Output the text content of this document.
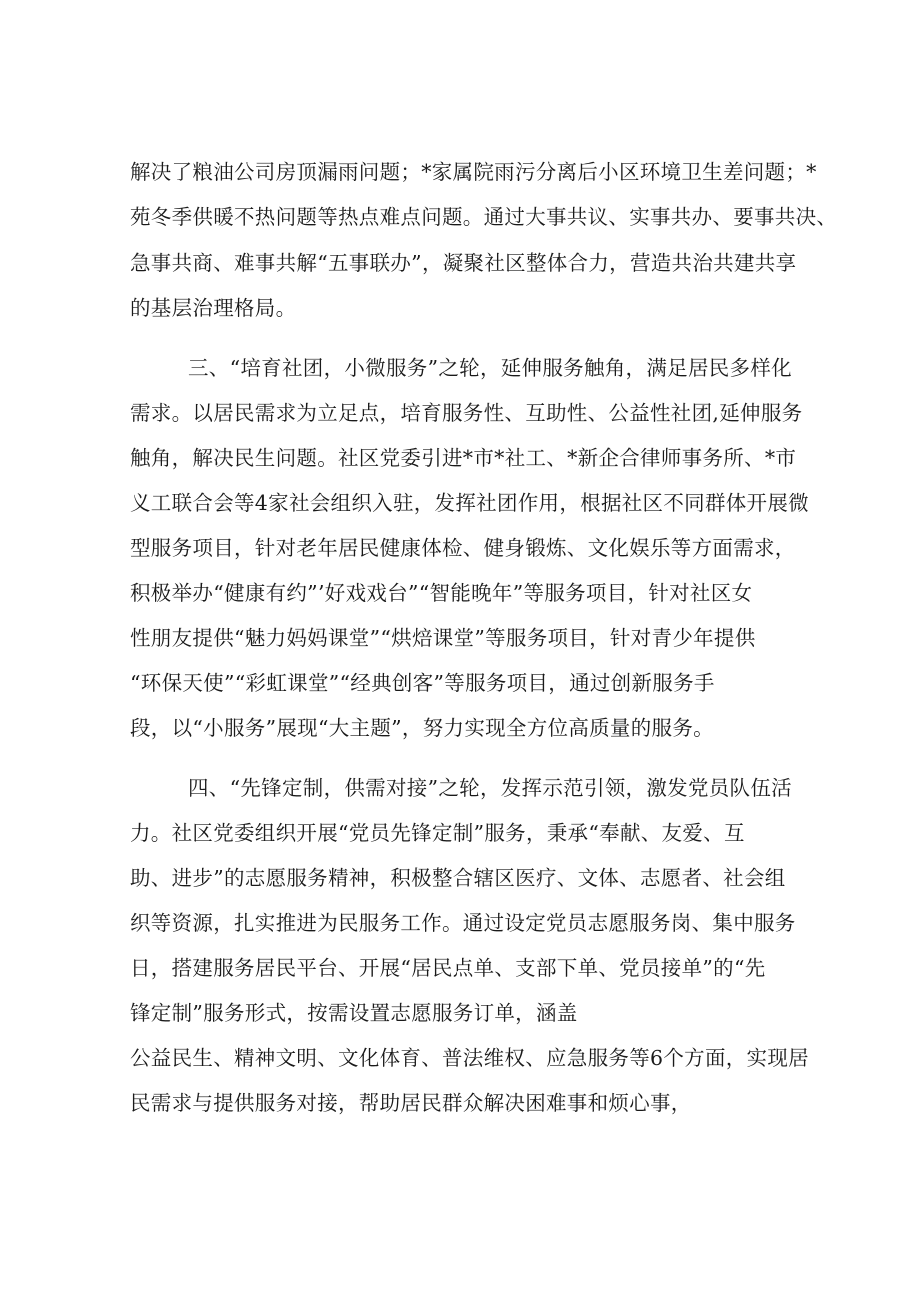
解决了粮油公司房顶漏雨问题；*家属院雨污分离后小区环境卫生差问题；*
苑冬季供暖不热问题等热点难点问题。通过大事共议、实事共办、要事共决、
急事共商、难事共解“五事联办”，凝聚社区整体合力，营造共治共建共享
的基层治理格局。
三、“培育社团，小微服务”之轮，延伸服务触角，满足居民多样化
需求。以居民需求为立足点，培育服务性、互助性、公益性社团,延伸服务
触角，解决民生问题。社区党委引进*市*社工、*新企合律师事务所、*市
义工联合会等4家社会组织入驻，发挥社团作用，根据社区不同群体开展微
型服务项目，针对老年居民健康体检、健身锻炼、文化娱乐等方面需求，
积极举办“健康有约”’好戏戏台”“智能晚年”等服务项目，针对社区女
性朋友提供“魅力妈妈课堂”“烘焙课堂”等服务项目，针对青少年提供
“环保天使”“彩虹课堂”“经典创客”等服务项目，通过创新服务手
段，以“小服务”展现“大主题”，努力实现全方位高质量的服务。
四、“先锋定制，供需对接”之轮，发挥示范引领，激发党员队伍活
力。社区党委组织开展“党员先锋定制”服务，秉承“奉献、友爱、互
助、进步”的志愿服务精神，积极整合辖区医疗、文体、志愿者、社会组
织等资源，扎实推进为民服务工作。通过设定党员志愿服务岗、集中服务
日，搭建服务居民平台、开展“居民点单、支部下单、党员接单”的“先
锋定制”服务形式，按需设置志愿服务订单，涵盖
公益民生、精神文明、文化体育、普法维权、应急服务等6个方面，实现居
民需求与提供服务对接，帮助居民群众解决困难事和烦心事，
